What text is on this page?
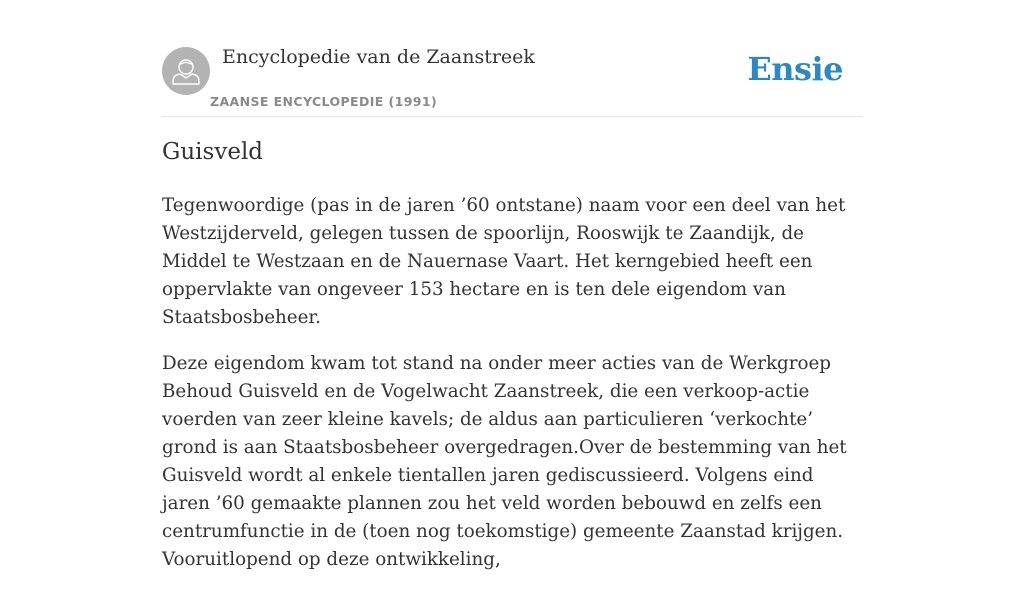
Encyclopedie van de Zaanstreek
ZAANSE ENCYCLOPEDIE (1991)
Ensie
Guisveld

Tegenwoordige (pas in de jaren ’60 ontstane) naam voor een deel van het Westzijderveld, gelegen tussen de spoorlijn, Rooswijk te Zaandijk, de Middel te Westzaan en de Nauernase Vaart. Het kerngebied heeft een oppervlakte van ongeveer 153 hectare en is ten dele eigendom van Staatsbosbeheer.

Deze eigendom kwam tot stand na onder meer acties van de Werkgroep Behoud Guisveld en de Vogelwacht Zaanstreek, die een verkoop-actie voerden van zeer kleine kavels; de aldus aan particulieren ‘verkochte’ grond is aan Staatsbosbeheer overgedragen.Over de bestemming van het Guisveld wordt al enkele tientallen jaren gediscussieerd. Volgens eind jaren ’60 gemaakte plannen zou het veld worden bebouwd en zelfs een centrumfunctie in de (toen nog toekomstige) gemeente Zaanstad krijgen. Vooruitlopend op deze ontwikkeling,
